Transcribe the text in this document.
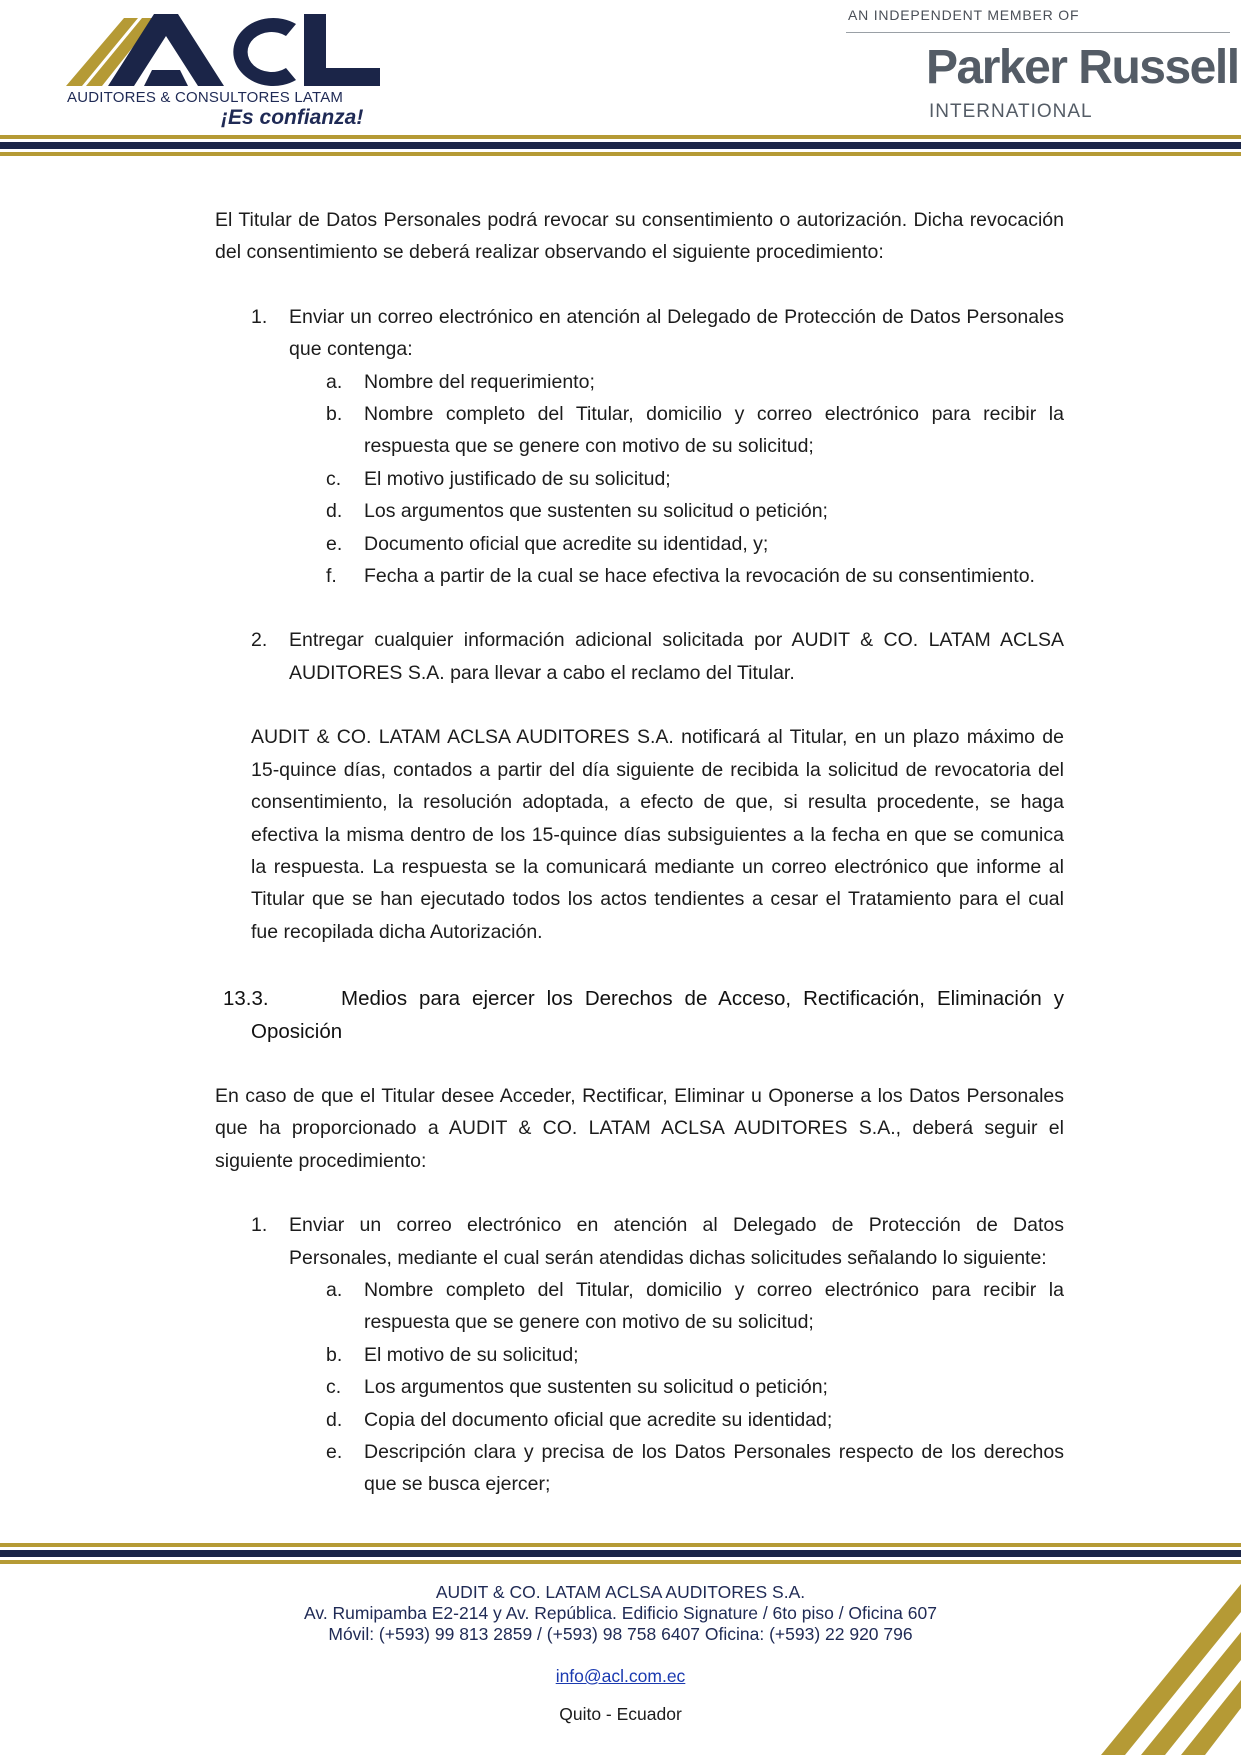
AUDITORES & CONSULTORES LATAM
¡Es confianza!
AN INDEPENDENT MEMBER OF
Parker Russell
INTERNATIONAL

El Titular de Datos Personales podrá revocar su consentimiento o autorización. Dicha revocación del consentimiento se deberá realizar observando el siguiente procedimiento:

1. Enviar un correo electrónico en atención al Delegado de Protección de Datos Personales que contenga:
a. Nombre del requerimiento;
b. Nombre completo del Titular, domicilio y correo electrónico para recibir la respuesta que se genere con motivo de su solicitud;
c. El motivo justificado de su solicitud;
d. Los argumentos que sustenten su solicitud o petición;
e. Documento oficial que acredite su identidad, y;
f. Fecha a partir de la cual se hace efectiva la revocación de su consentimiento.
2. Entregar cualquier información adicional solicitada por AUDIT & CO. LATAM ACLSA AUDITORES S.A. para llevar a cabo el reclamo del Titular.

AUDIT & CO. LATAM ACLSA AUDITORES S.A. notificará al Titular, en un plazo máximo de 15-quince días, contados a partir del día siguiente de recibida la solicitud de revocatoria del consentimiento, la resolución adoptada, a efecto de que, si resulta procedente, se haga efectiva la misma dentro de los 15-quince días subsiguientes a la fecha en que se comunica la respuesta. La respuesta se la comunicará mediante un correo electrónico que informe al Titular que se han ejecutado todos los actos tendientes a cesar el Tratamiento para el cual fue recopilada dicha Autorización.

13.3.	Medios para ejercer los Derechos de Acceso, Rectificación, Eliminación y Oposición

En caso de que el Titular desee Acceder, Rectificar, Eliminar u Oponerse a los Datos Personales que ha proporcionado a AUDIT & CO. LATAM ACLSA AUDITORES S.A., deberá seguir el siguiente procedimiento:

1. Enviar un correo electrónico en atención al Delegado de Protección de Datos Personales, mediante el cual serán atendidas dichas solicitudes señalando lo siguiente:
a. Nombre completo del Titular, domicilio y correo electrónico para recibir la respuesta que se genere con motivo de su solicitud;
b. El motivo de su solicitud;
c. Los argumentos que sustenten su solicitud o petición;
d. Copia del documento oficial que acredite su identidad;
e. Descripción clara y precisa de los Datos Personales respecto de los derechos que se busca ejercer;
AUDIT & CO. LATAM ACLSA AUDITORES S.A.
Av. Rumipamba E2-214 y Av. República. Edificio Signature / 6to piso / Oficina 607
Móvil: (+593) 99 813 2859 / (+593) 98 758 6407 Oficina: (+593) 22 920 796
info@acl.com.ec
Quito - Ecuador
